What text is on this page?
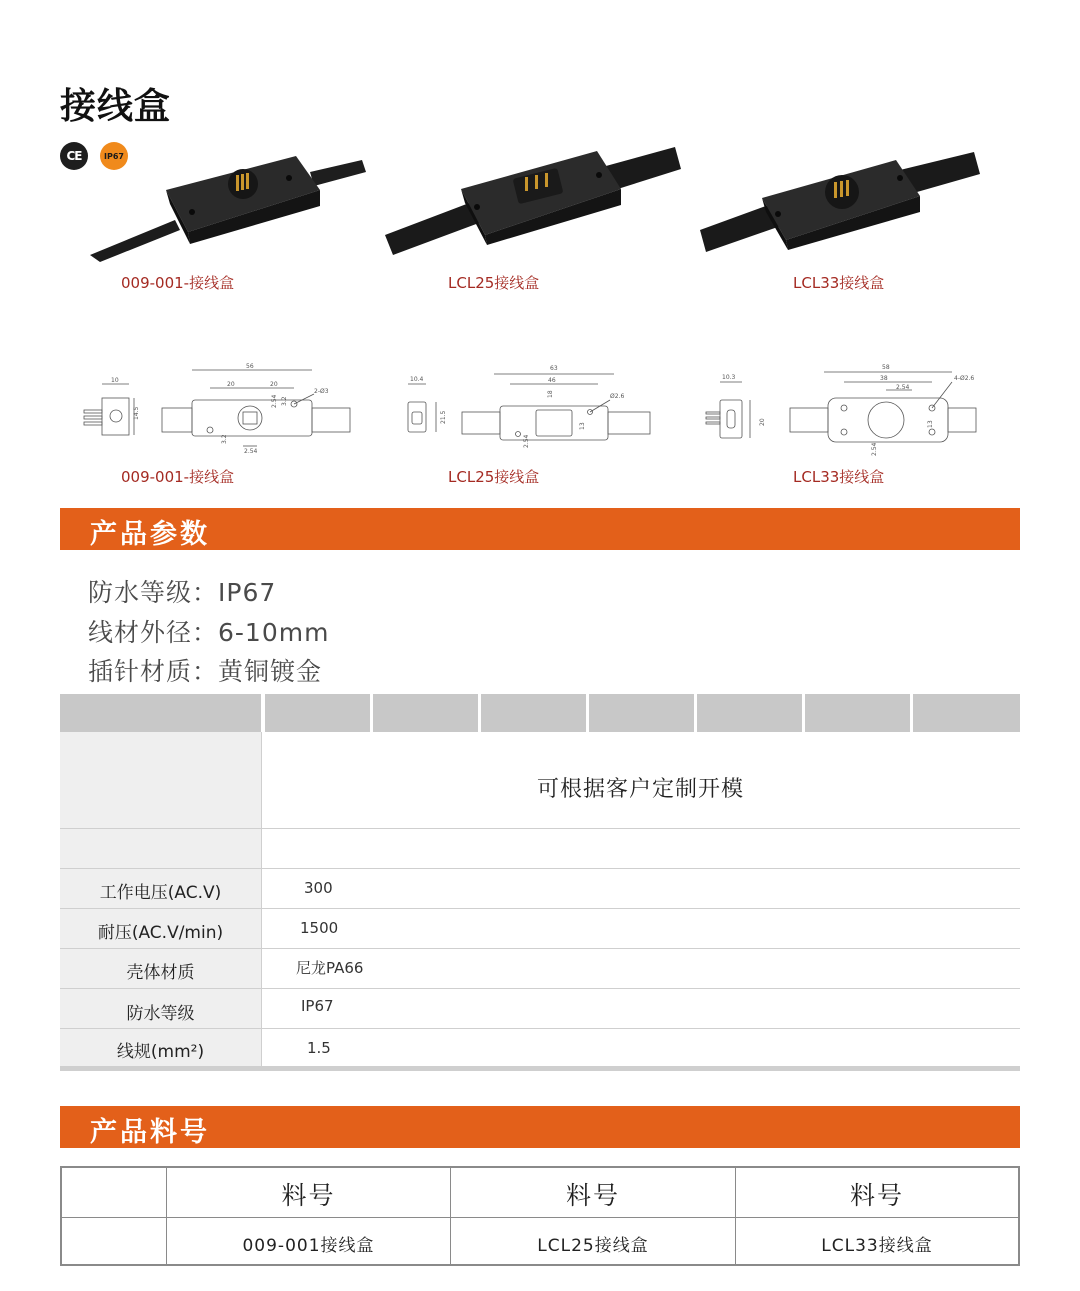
接线盒
CE	IP67
009-001-接线盒	LCL25接线盒	LCL33接线盒
10
14.5
56
20	20
2.54 3.2
3.2
2-Ø3
2.54
10.4
21.5
63
46
18	Ø2.6
2.54
13
10.3
20
58
38
2.54
4-Ø2.6
13
2.54
009-001-接线盒	LCL25接线盒	LCL33接线盒
产品参数
防水等级：IP67
线材外径：6-10mm
插针材质：黄铜镀金
可根据客户定制开模
工作电压(AC.V)	300
耐压(AC.V/min)	1500
壳体材质	尼龙PA66
防水等级	IP67
线规(mm²)	1.5
产品料号
料号	料号	料号
009-001接线盒	LCL25接线盒	LCL33接线盒
